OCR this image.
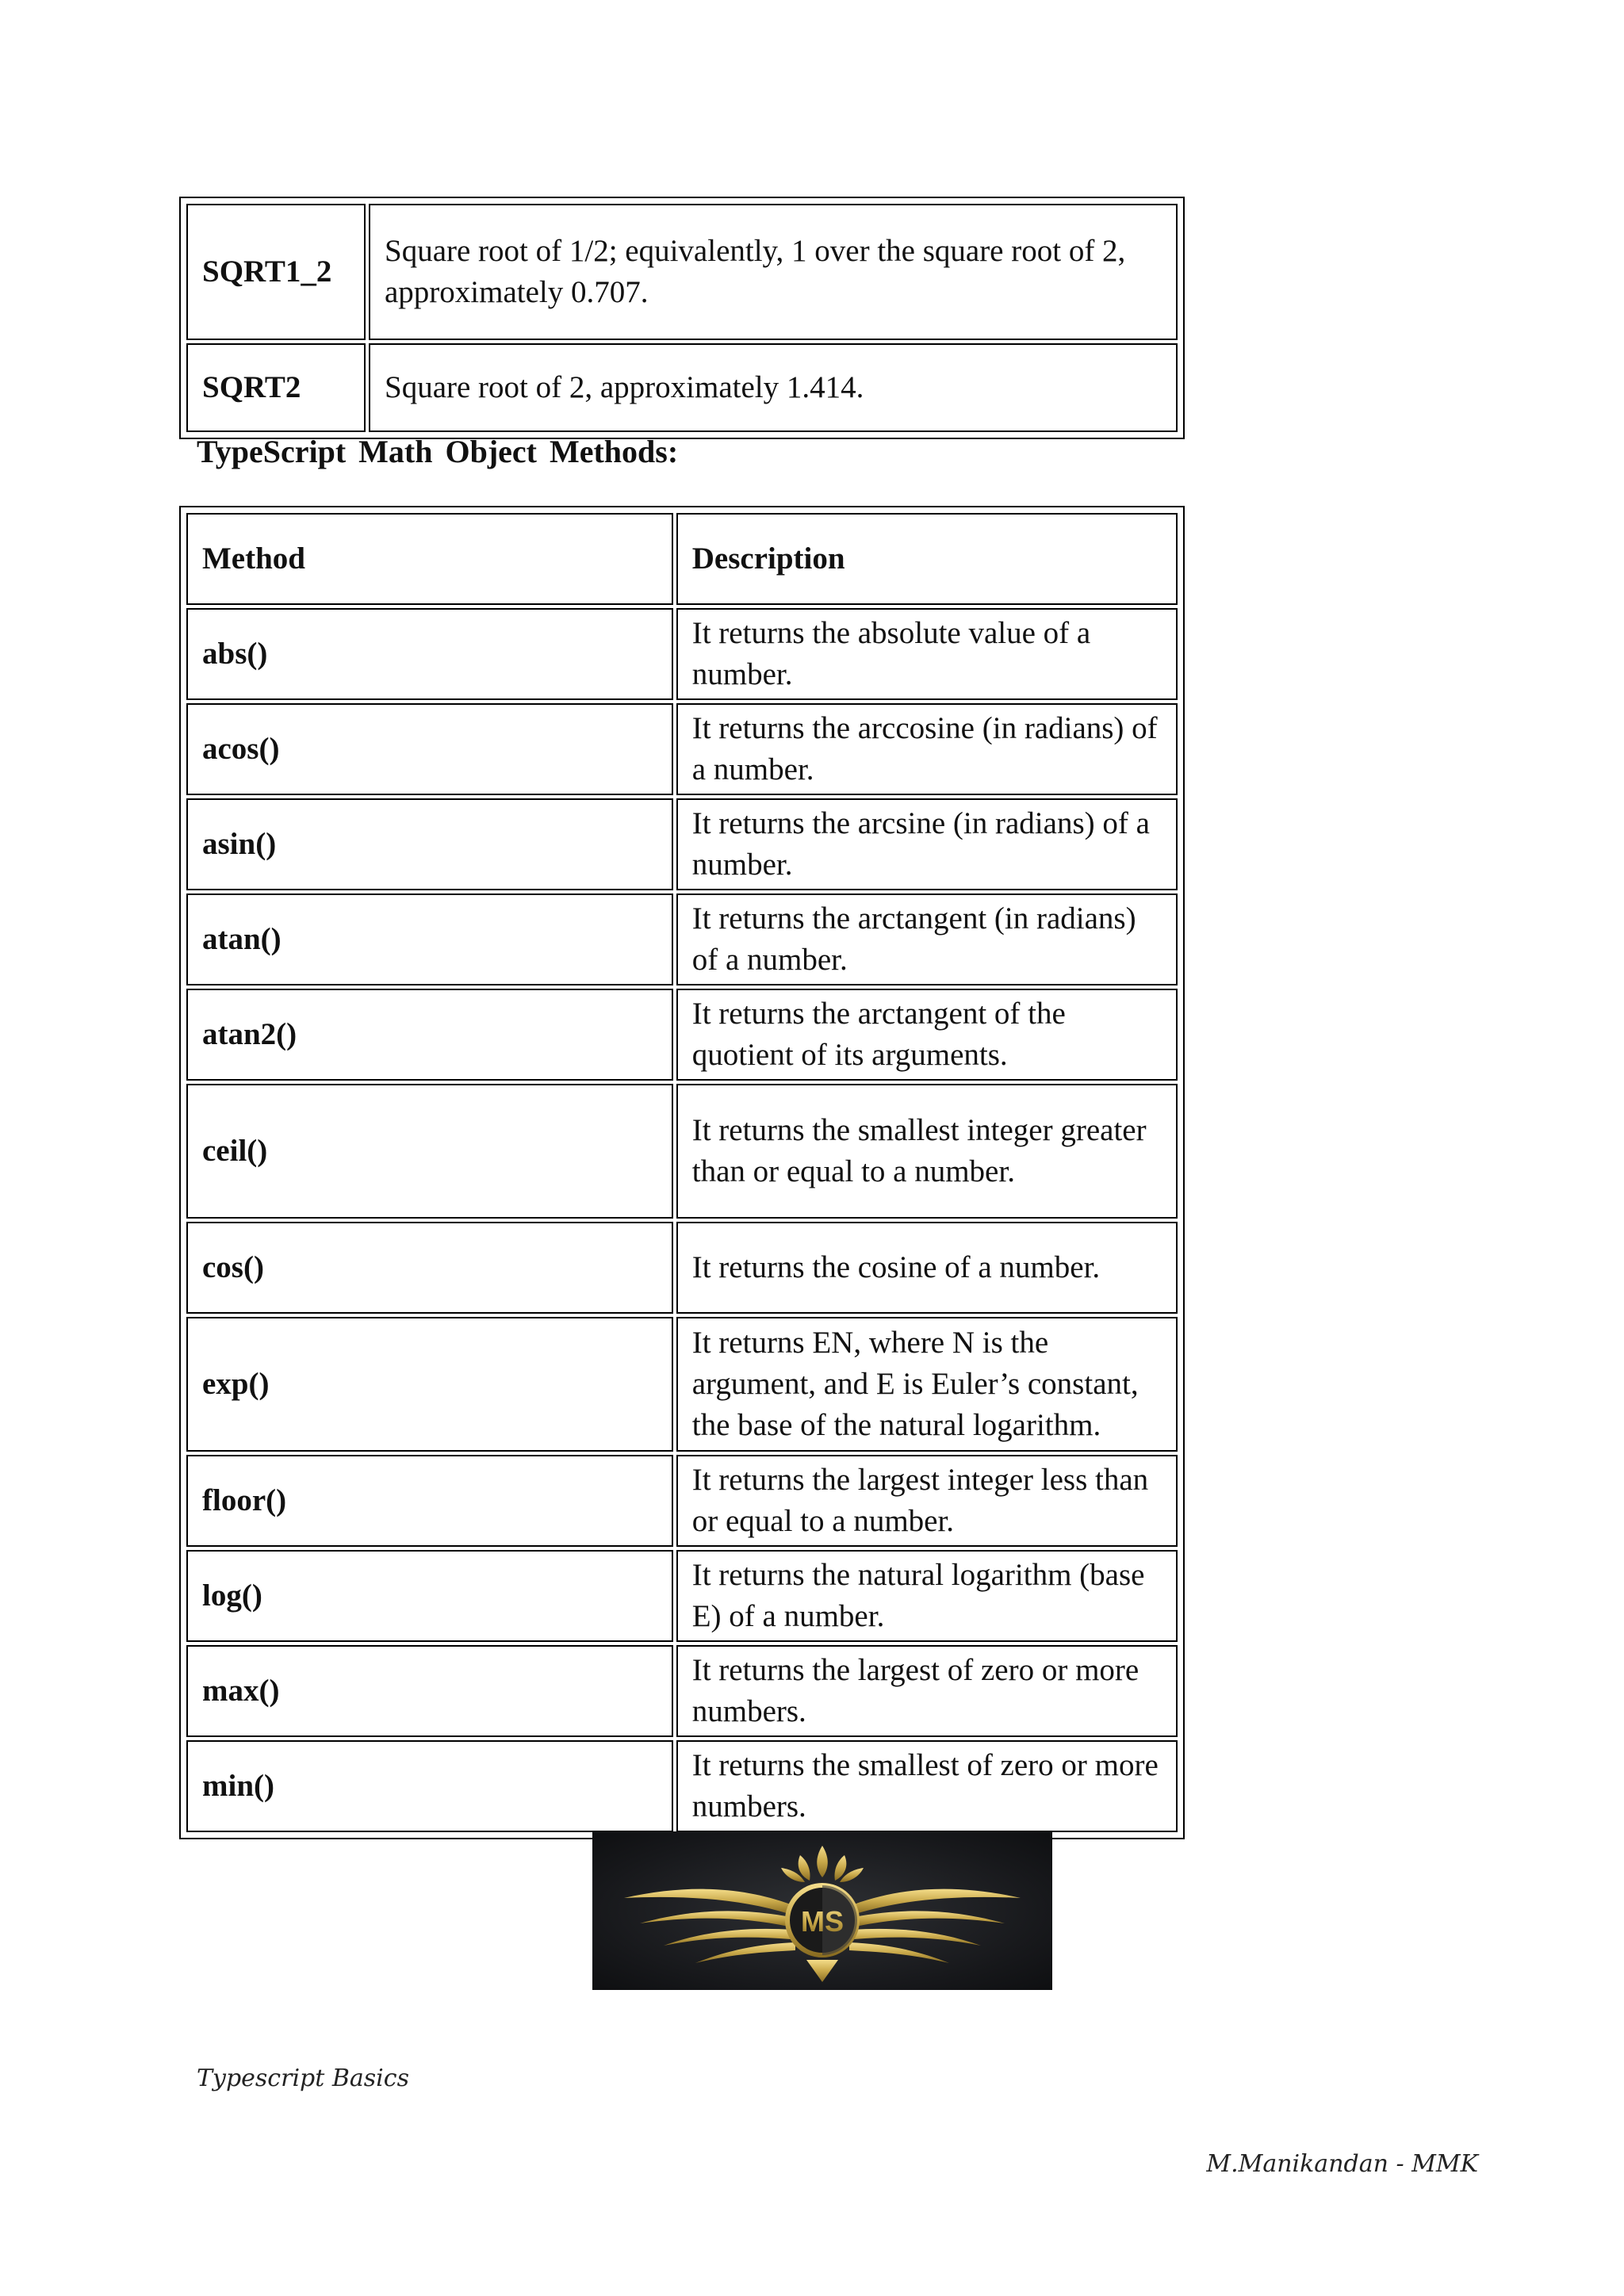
SQRT1_2	Square root of 1/2; equivalently, 1 over the square root of 2, approximately 0.707.
SQRT2	Square root of 2, approximately 1.414.
TypeScript Math Object Methods:
Method	Description
abs()	It returns the absolute value of a number.
acos()	It returns the arccosine (in radians) of a number.
asin()	It returns the arcsine (in radians) of a number.
atan()	It returns the arctangent (in radians) of a number.
atan2()	It returns the arctangent of the quotient of its arguments.
ceil()	It returns the smallest integer greater than or equal to a number.
cos()	It returns the cosine of a number.
exp()	It returns EN, where N is the argument, and E is Euler’s constant, the base of the natural logarithm.
floor()	It returns the largest integer less than or equal to a number.
log()	It returns the natural logarithm (base E) of a number.
max()	It returns the largest of zero or more numbers.
min()	It returns the smallest of zero or more numbers.
MS
Typescript Basics
M.Manikandan - MMK
